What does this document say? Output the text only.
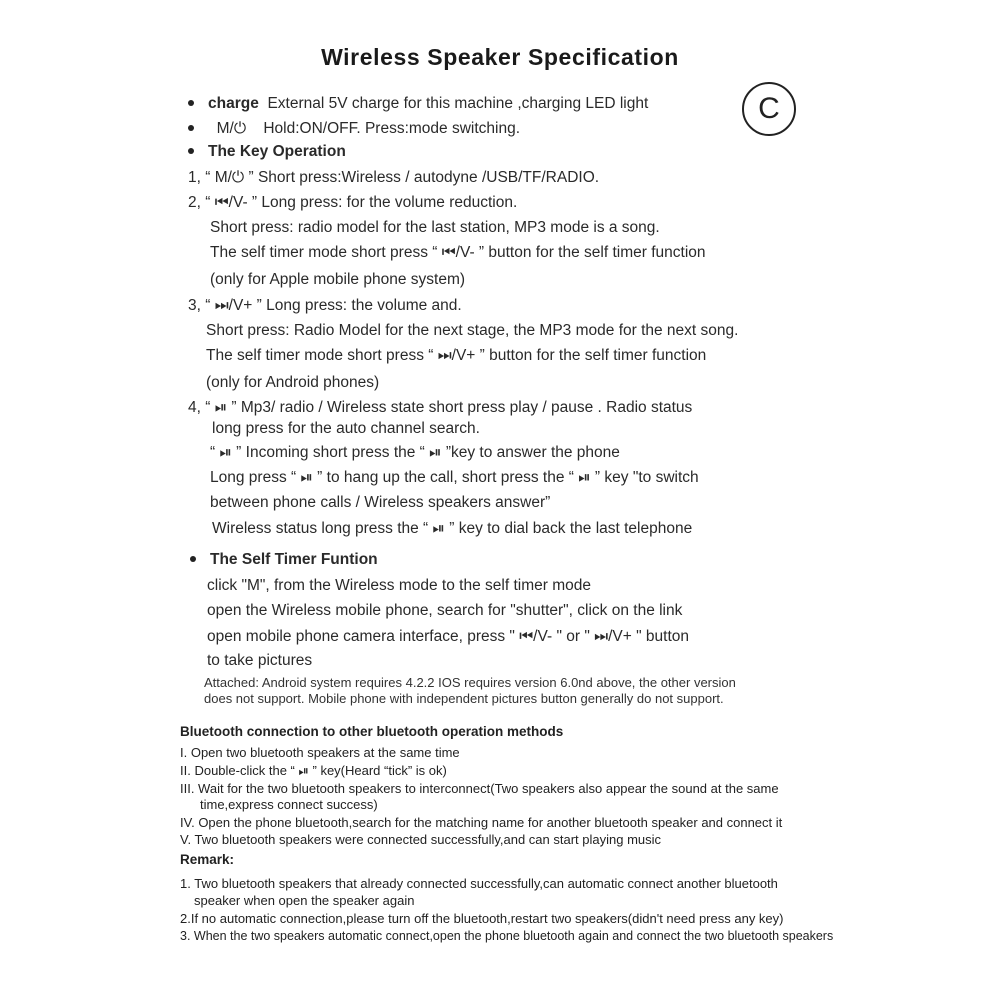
Wireless Speaker Specification
C
charge External 5V charge for this machine ,charging LED light
M/⏻ Hold:ON/OFF. Press:mode switching.
The Key Operation
1, “ M/⏻ ” Short press:Wireless / autodyne /USB/TF/RADIO.
2, “ ⏮/V- ” Long press: for the volume reduction.
Short press: radio model for the last station, MP3 mode is a song.
The self timer mode short press “ ⏮/V- ” button for the self timer function
(only for Apple mobile phone system)
3, “ ⏭/V+ ” Long press: the volume and.
Short press: Radio Model for the next stage, the MP3 mode for the next song.
The self timer mode short press “ ⏭/V+ ” button for the self timer function
(only for Android phones)
4, “ ⏯ ” Mp3/ radio / Wireless state short press play / pause . Radio status
long press for the auto channel search.
“ ⏯ ” Incoming short press the “ ⏯ ”key to answer the phone
Long press “ ⏯ ” to hang up the call, short press the “ ⏯ ” key "to switch
between phone calls / Wireless speakers answer”
Wireless status long press the “ ⏯ ” key to dial back the last telephone
The Self Timer Funtion
click "M", from the Wireless mode to the self timer mode
open the Wireless mobile phone, search for "shutter", click on the link
open mobile phone camera interface, press " ⏮/V- " or " ⏭/V+ " button
to take pictures
Attached: Android system requires 4.2.2 IOS requires version 6.0nd above, the other version
does not support. Mobile phone with independent pictures button generally do not support.
Bluetooth connection to other bluetooth operation methods
I. Open two bluetooth speakers at the same time
II. Double-click the “ ⏯ ” key(Heard “tick” is ok)
III. Wait for the two bluetooth speakers to interconnect(Two speakers also appear the sound at the same
time,express connect success)
IV. Open the phone bluetooth,search for the matching name for another bluetooth speaker and connect it
V. Two bluetooth speakers were connected successfully,and can start playing music
Remark:
1. Two bluetooth speakers that already connected successfully,can automatic connect another bluetooth
speaker when open the speaker again
2.If no automatic connection,please turn off the bluetooth,restart two speakers(didn't need press any key)
3. When the two speakers automatic connect,open the phone bluetooth again and connect the two bluetooth speakers
